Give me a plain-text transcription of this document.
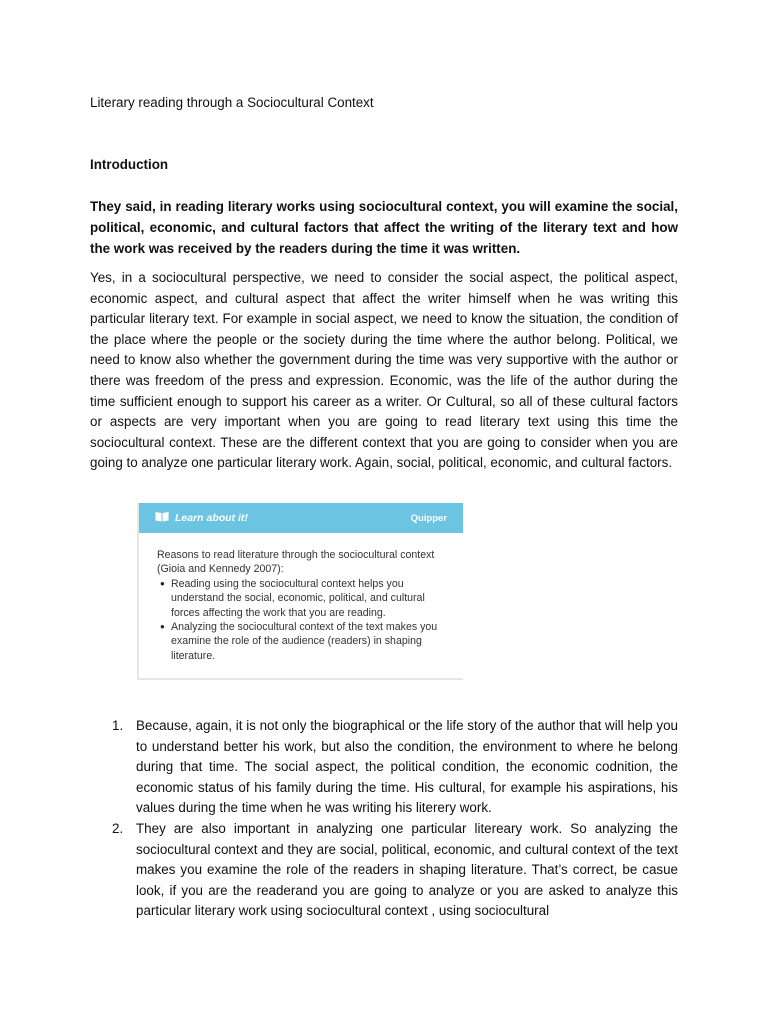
Literary reading through a Sociocultural Context

Introduction

They said, in reading literary works using sociocultural context, you will examine the social, political, economic, and cultural factors that affect the writing of the literary text and how the work was received by the readers during the time it was written.

Yes, in a sociocultural perspective, we need to consider the social aspect, the political aspect, economic aspect, and cultural aspect that affect the writer himself when he was writing this particular literary text. For example in social aspect, we need to know the situation, the condition of the place where the people or the society during the time where the author belong. Political, we need to know also whether the government during the time was very supportive with the author or there was freedom of the press and expression. Economic, was the life of the author during the time sufficient enough to support his career as a writer. Or Cultural, so all of these cultural factors or aspects are very important when you are going to read literary text using this time the sociocultural context. These are the different context that you are going to consider when you are going to analyze one particular literary work. Again, social, political, economic, and cultural factors.

Learn about it!	Quipper

Reasons to read literature through the sociocultural context (Gioia and Kennedy 2007):

● Reading using the sociocultural context helps you understand the social, economic, political, and cultural forces affecting the work that you are reading.
● Analyzing the sociocultural context of the text makes you examine the role of the audience (readers) in shaping literature.
1. Because, again, it is not only the biographical or the life story of the author that will help you to understand better his work, but also the condition, the environment to where he belong during that time. The social aspect, the political condition, the economic codnition, the economic status of his family during the time. His cultural, for example his aspirations, his values during the time when he was writing his literery work.
2. They are also important in analyzing one particular litereary work. So analyzing the sociocultural context and they are social, political, economic, and cultural context of the text makes you examine the role of the readers in shaping literature. That’s correct, be casue look, if you are the readerand you are going to analyze or you are asked to analyze this particular literary work using sociocultural context , using sociocultural
